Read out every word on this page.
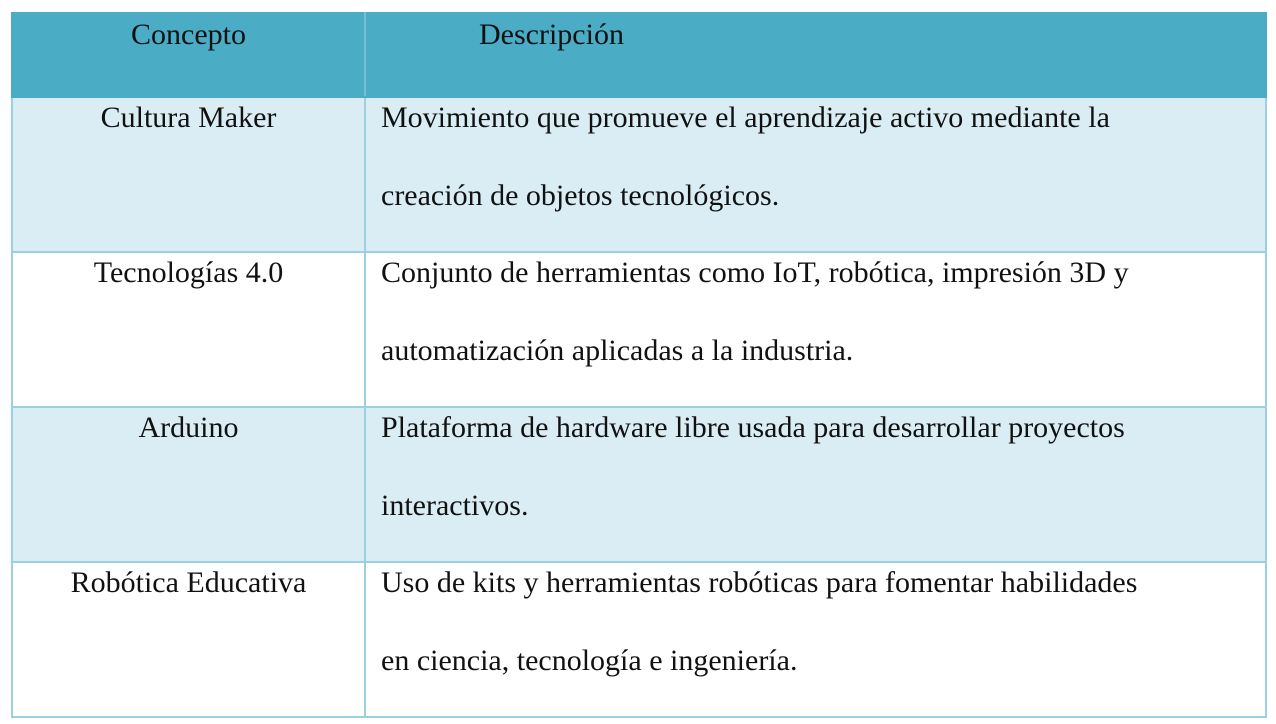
Concepto	Descripción
Cultura Maker	Movimiento que promueve el aprendizaje activo mediante la
creación de objetos tecnológicos.

Tecnologías 4.0	Conjunto de herramientas como IoT, robótica, impresión 3D y
automatización aplicadas a la industria.

Arduino	Plataforma de hardware libre usada para desarrollar proyectos
interactivos.

Robótica Educativa	Uso de kits y herramientas robóticas para fomentar habilidades
en ciencia, tecnología e ingeniería.
